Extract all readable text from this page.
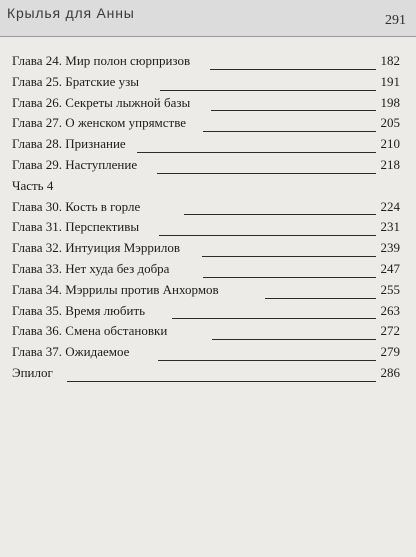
Крылья для Анны	291
Глава 24. Мир полон сюрпризов	182
Глава 25. Братские узы	191
Глава 26. Секреты лыжной базы	198
Глава 27. О женском упрямстве	205
Глава 28. Признание	210
Глава 29. Наступление	218
Часть 4
Глава 30. Кость в горле	224
Глава 31. Перспективы	231
Глава 32. Интуиция Мэррилов	239
Глава 33. Нет худа без добра	247
Глава 34. Мэррилы против Анхормов	255
Глава 35. Время любить	263
Глава 36. Смена обстановки	272
Глава 37. Ожидаемое	279
Эпилог	286
